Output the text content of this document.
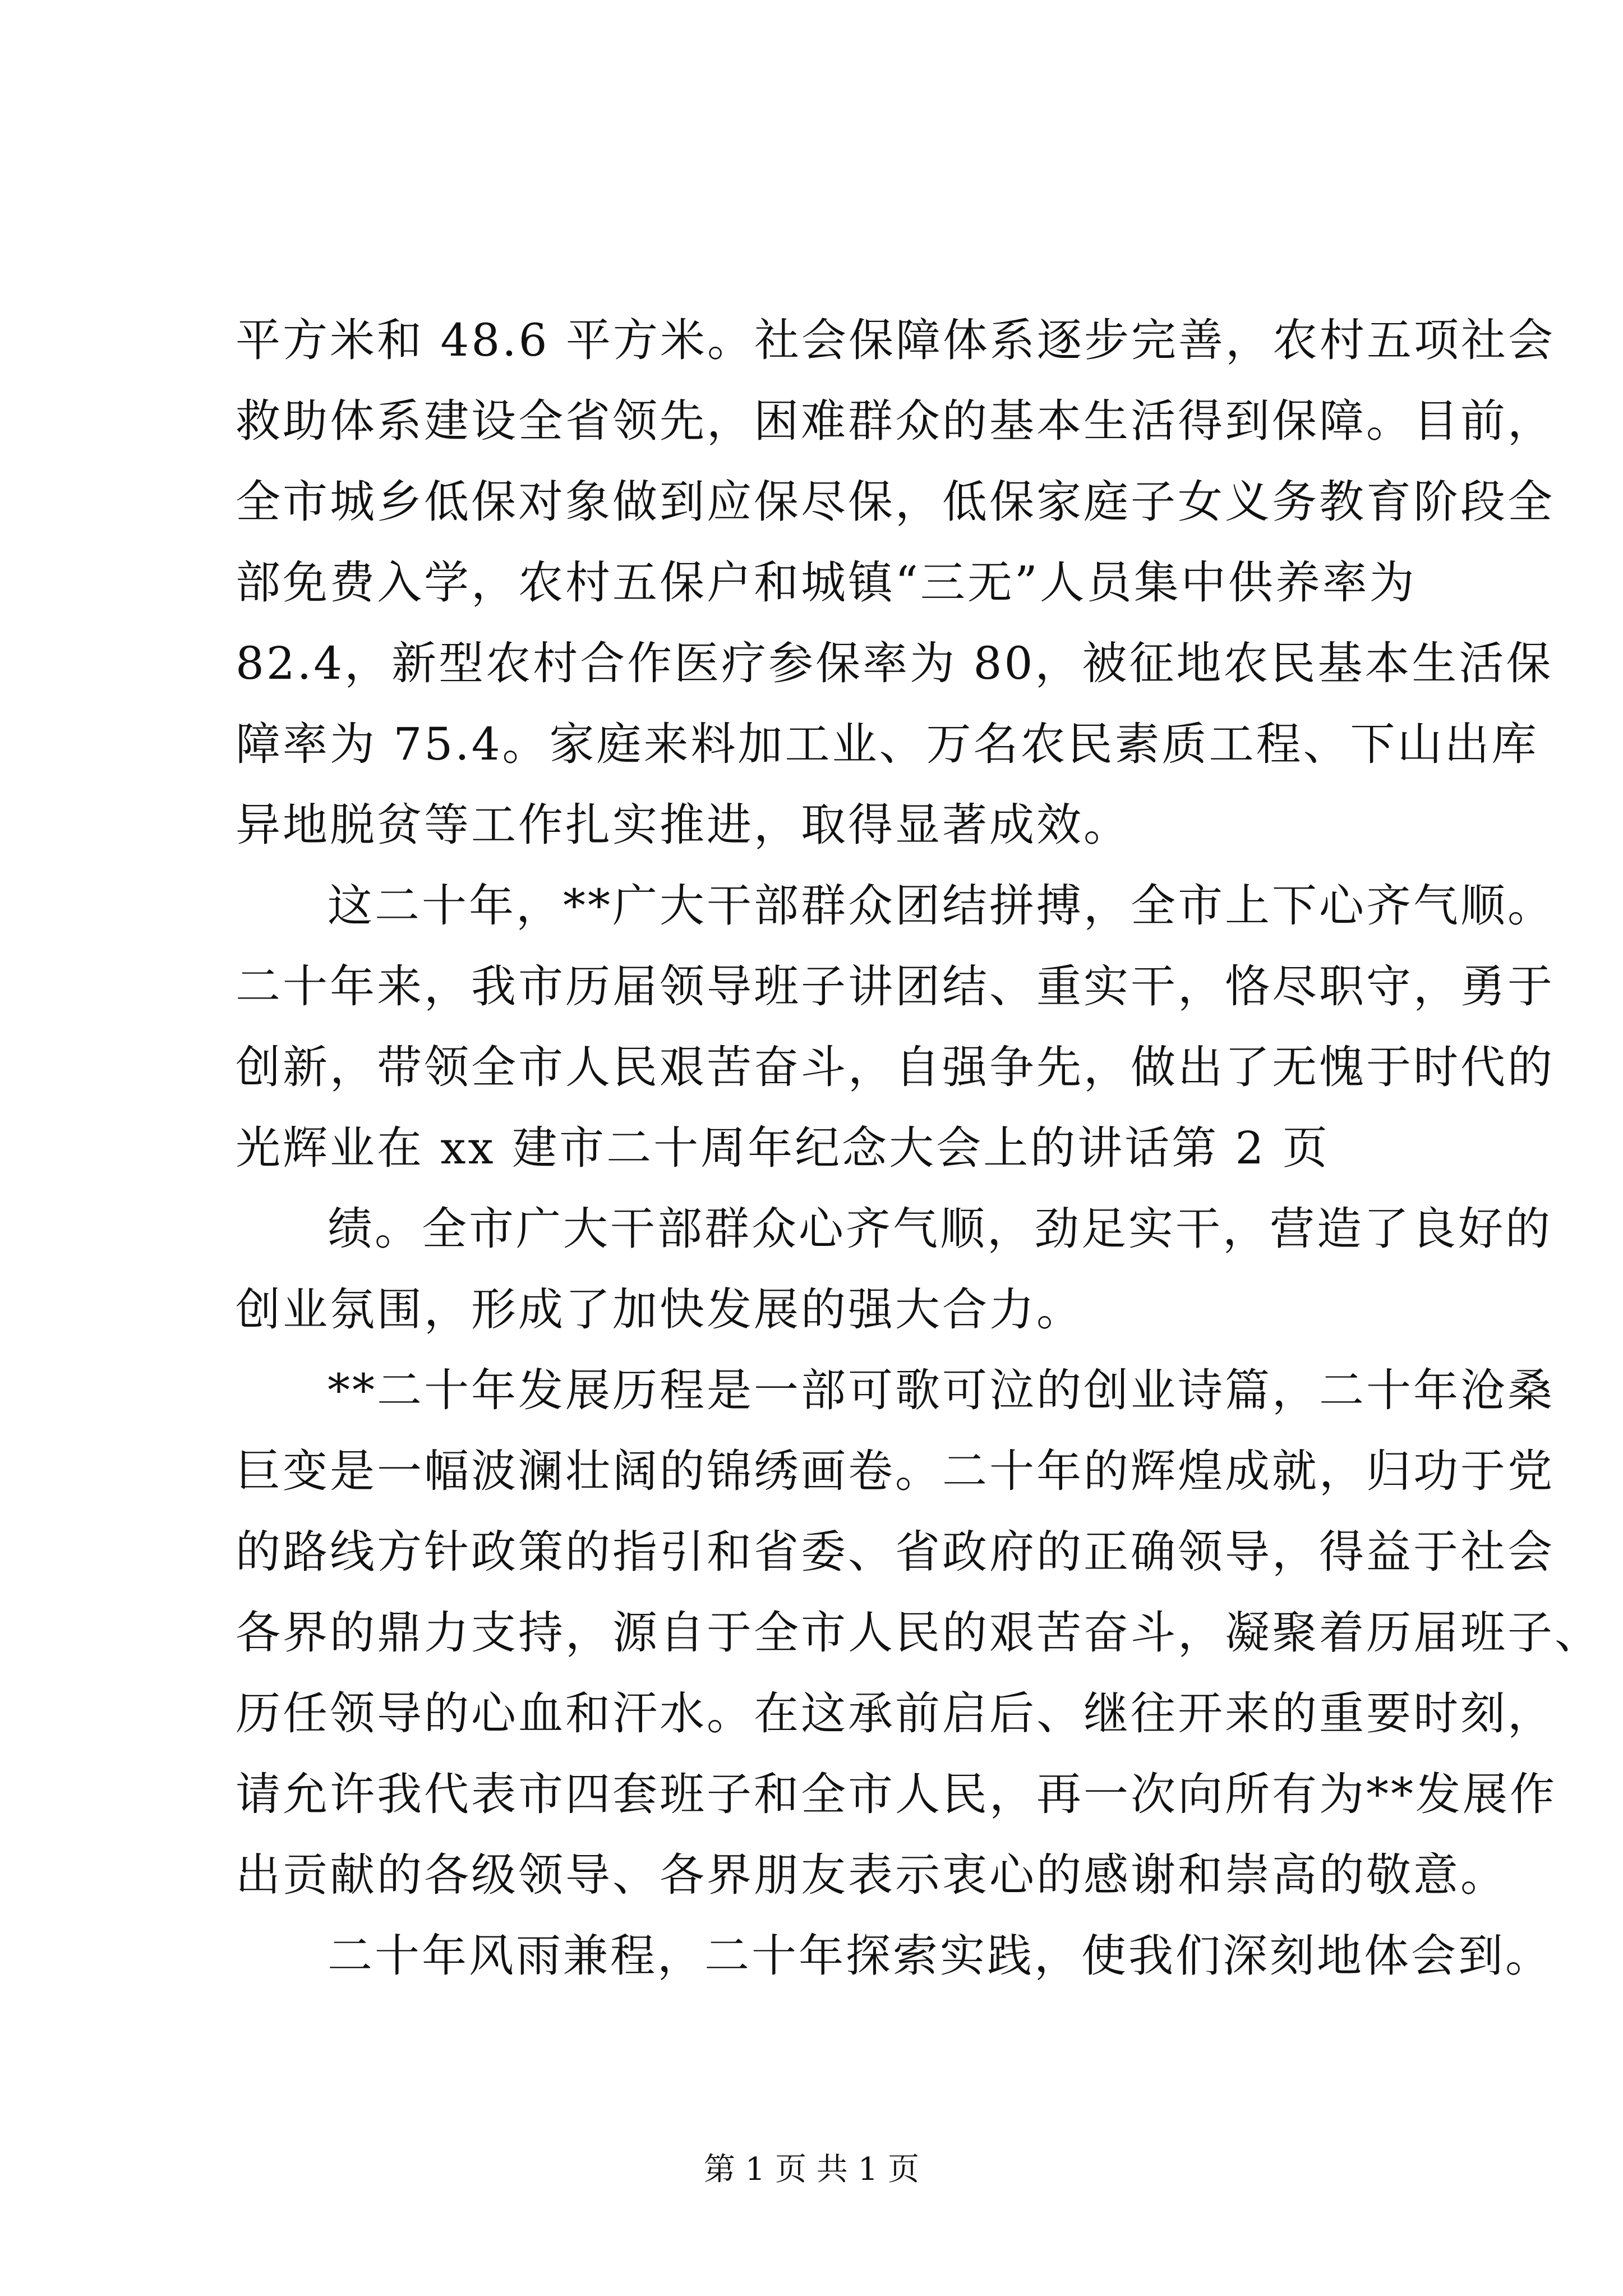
平方米和 48.6 平方米。社会保障体系逐步完善，农村五项社会
救助体系建设全省领先，困难群众的基本生活得到保障。目前，
全市城乡低保对象做到应保尽保，低保家庭子女义务教育阶段全
部免费入学，农村五保户和城镇“三无”人员集中供养率为
82.4，新型农村合作医疗参保率为 80，被征地农民基本生活保
障率为 75.4。家庭来料加工业、万名农民素质工程、下山出库
异地脱贫等工作扎实推进，取得显著成效。
这二十年，**广大干部群众团结拼搏，全市上下心齐气顺。
二十年来，我市历届领导班子讲团结、重实干，恪尽职守，勇于
创新，带领全市人民艰苦奋斗，自强争先，做出了无愧于时代的
光辉业在 xx 建市二十周年纪念大会上的讲话第 2 页
绩。全市广大干部群众心齐气顺，劲足实干，营造了良好的
创业氛围，形成了加快发展的强大合力。
**二十年发展历程是一部可歌可泣的创业诗篇，二十年沧桑
巨变是一幅波澜壮阔的锦绣画卷。二十年的辉煌成就，归功于党
的路线方针政策的指引和省委、省政府的正确领导，得益于社会
各界的鼎力支持，源自于全市人民的艰苦奋斗，凝聚着历届班子、
历任领导的心血和汗水。在这承前启后、继往开来的重要时刻，
请允许我代表市四套班子和全市人民，再一次向所有为**发展作
出贡献的各级领导、各界朋友表示衷心的感谢和崇高的敬意。
二十年风雨兼程，二十年探索实践，使我们深刻地体会到。
第 1 页 共 1 页
